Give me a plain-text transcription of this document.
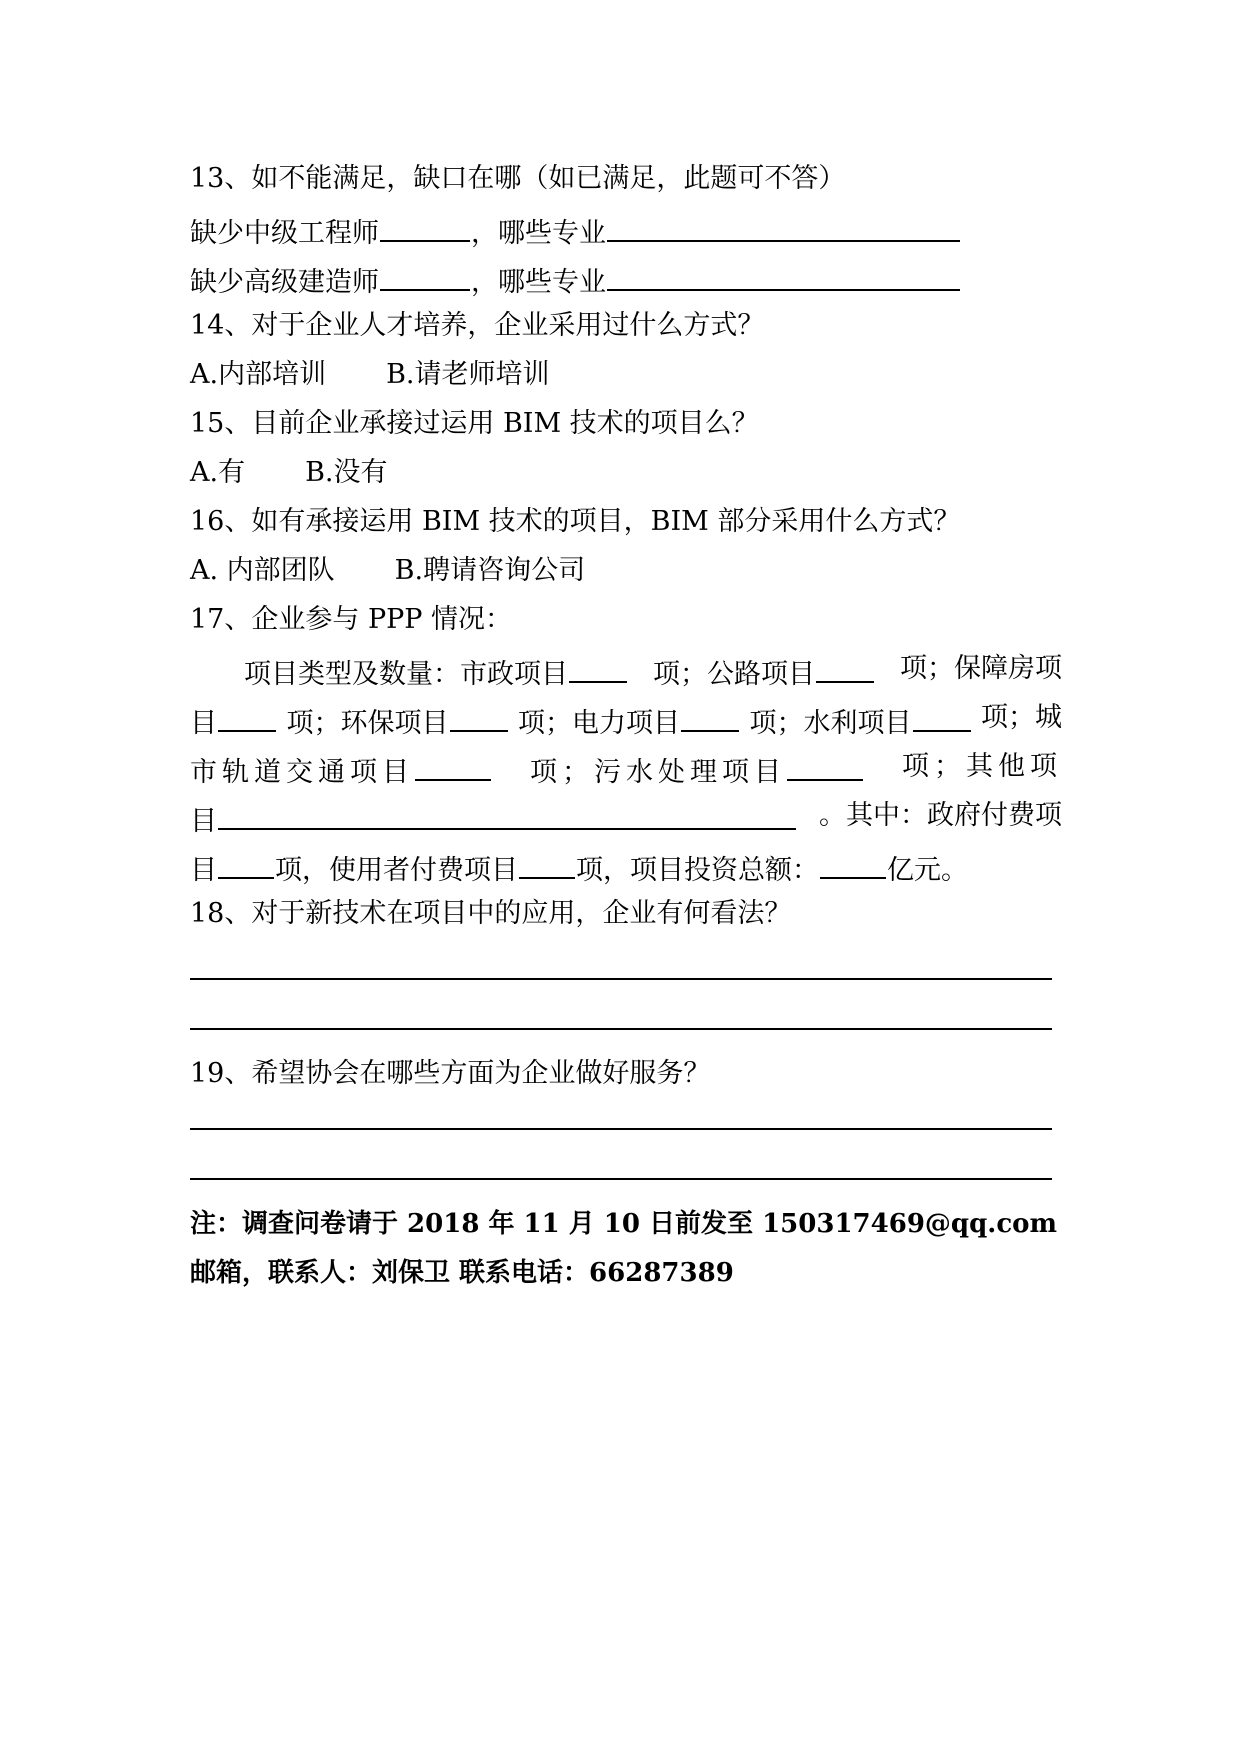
13、如不能满足，缺口在哪（如已满足，此题可不答）
缺少中级工程师	，哪些专业
缺少高级建造师	，哪些专业
14、对于企业人才培养，企业采用过什么方式？
A.内部培训 B.请老师培训
15、目前企业承接过运用 BIM 技术的项目么？
A.有 B.没有
16、如有承接运用 BIM 技术的项目，BIM 部分采用什么方式？
A. 内部团队 B.聘请咨询公司
17、企业参与 PPP 情况：
项目类型及数量：市政项目	项；公路项目	项；保障房项
目	项；环保项目	项；电力项目	项；水利项目	项；城
市轨道交通项目	项；污水处理项目	项；其他项
目	。其中：政府付费项
目 项，使用者付费项目 项，项目投资总额：	亿元。
18、对于新技术在项目中的应用，企业有何看法？
19、希望协会在哪些方面为企业做好服务？
注：调查问卷请于 2018 年 11 月 10 日前发至 150317469@qq.com
邮箱，联系人：刘保卫 联系电话：66287389
